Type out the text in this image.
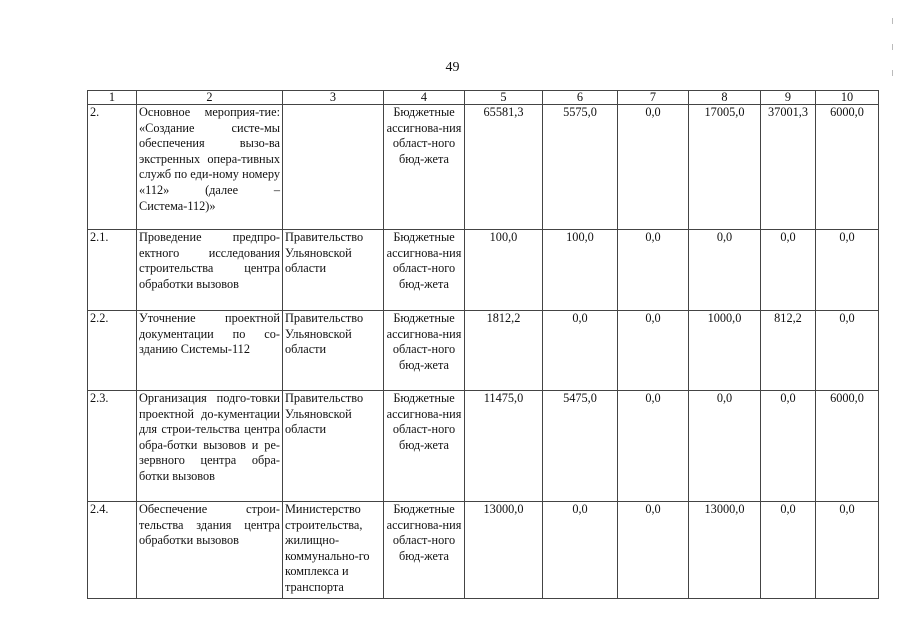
49
1	2	3	4	5	6	7	8	9	10
2.	Основное мероприя-тие: «Создание систе-мы обеспечения вызо-ва экстренных опера-тивных служб по еди-ному номеру «112» (далее – Система-112)»		Бюджетные ассигнова-ния област-ного бюд-жета	65581,3	5575,0	0,0	17005,0	37001,3	6000,0
2.1.	Проведение предпро-ектного исследования строительства центра обработки вызовов	Правительство Ульяновской области	Бюджетные ассигнова-ния област-ного бюд-жета	100,0	100,0	0,0	0,0	0,0	0,0
2.2.	Уточнение проектной документации по со-зданию Системы-112	Правительство Ульяновской области	Бюджетные ассигнова-ния област-ного бюд-жета	1812,2	0,0	0,0	1000,0	812,2	0,0
2.3.	Организация подго-товки проектной до-кументации для строи-тельства центра обра-ботки вызовов и ре-зервного центра обра-ботки вызовов	Правительство Ульяновской области	Бюджетные ассигнова-ния област-ного бюд-жета	11475,0	5475,0	0,0	0,0	0,0	6000,0
2.4.	Обеспечение строи-тельства здания центра обработки вызовов	Министерство строительства, жилищно-коммунально-го комплекса и транспорта	Бюджетные ассигнова-ния област-ного бюд-жета	13000,0	0,0	0,0	13000,0	0,0	0,0
